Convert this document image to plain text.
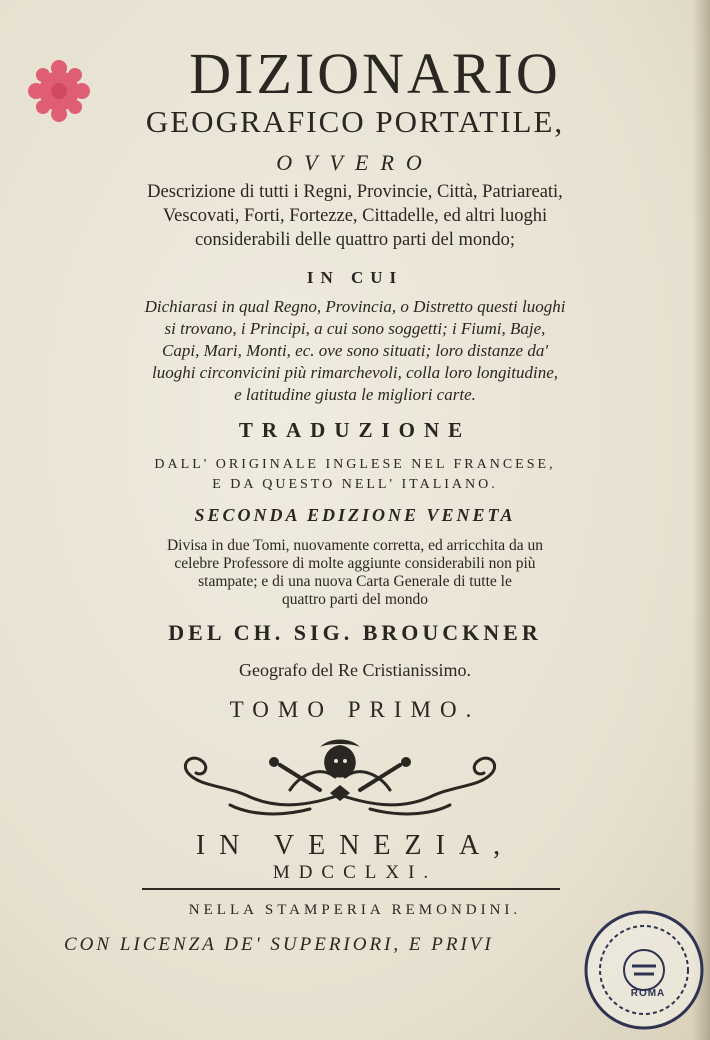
DIZIONARIO
GEOGRAFICO PORTATILE,
OVVERO
Descrizione di tutti i Regni, Provincie, Città, Patriareati,
Vescovati, Forti, Fortezze, Cittadelle, ed altri luoghi
considerabili delle quattro parti del mondo;
IN CUI
Dichiarasi in qual Regno, Provincia, o Distretto questi luoghi
si trovano, i Principi, a cui sono soggetti; i Fiumi, Baje,
Capi, Mari, Monti, ec. ove sono situati; loro distanze da'
luoghi circonvicini più rimarchevoli, colla loro longitudine,
e latitudine giusta le migliori carte.
TRADUZIONE
DALL' ORIGINALE INGLESE NEL FRANCESE,
E DA QUESTO NELL' ITALIANO.
SECONDA EDIZIONE VENETA
Divisa in due Tomi, nuovamente corretta, ed arricchita da un
celebre Professore di molte aggiunte considerabili non più
stampate; e di una nuova Carta Generale di tutte le
quattro parti del mondo
DEL CH. SIG. BROUCKNER
Geografo del Re Cristianissimo.
TOMO PRIMO.
IN VENEZIA,
MDCCLXI.
NELLA STAMPERIA REMONDINI.
CON LICENZA DE' SUPERIORI, E PRIVI
ROMA
